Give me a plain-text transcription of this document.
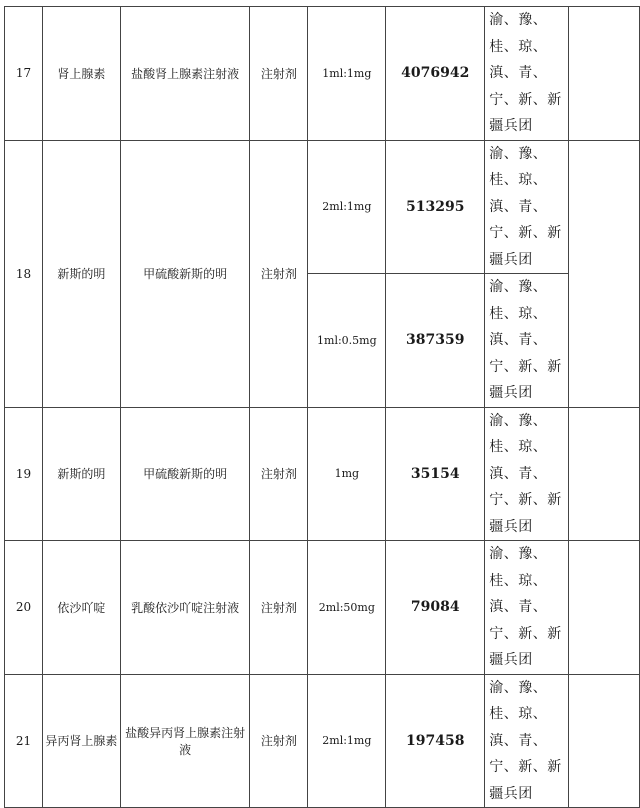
17	肾上腺素	盐酸肾上腺素注射液	注射剂	1ml:1mg	4076942	渝、豫、桂、琼、滇、青、宁、新、新疆兵团	

18	新斯的明	甲硫酸新斯的明	注射剂	2ml:1mg	513295	渝、豫、桂、琼、滇、青、宁、新、新疆兵团	

				1ml:0.5mg	387359	渝、豫、桂、琼、滇、青、宁、新、新疆兵团	

19	新斯的明	甲硫酸新斯的明	注射剂	1mg	35154	渝、豫、桂、琼、滇、青、宁、新、新疆兵团	

20	依沙吖啶	乳酸依沙吖啶注射液	注射剂	2ml:50mg	79084	渝、豫、桂、琼、滇、青、宁、新、新疆兵团	

21	异丙肾上腺素	盐酸异丙肾上腺素注射液	注射剂	2ml:1mg	197458	渝、豫、桂、琼、滇、青、宁、新、新疆兵团	
